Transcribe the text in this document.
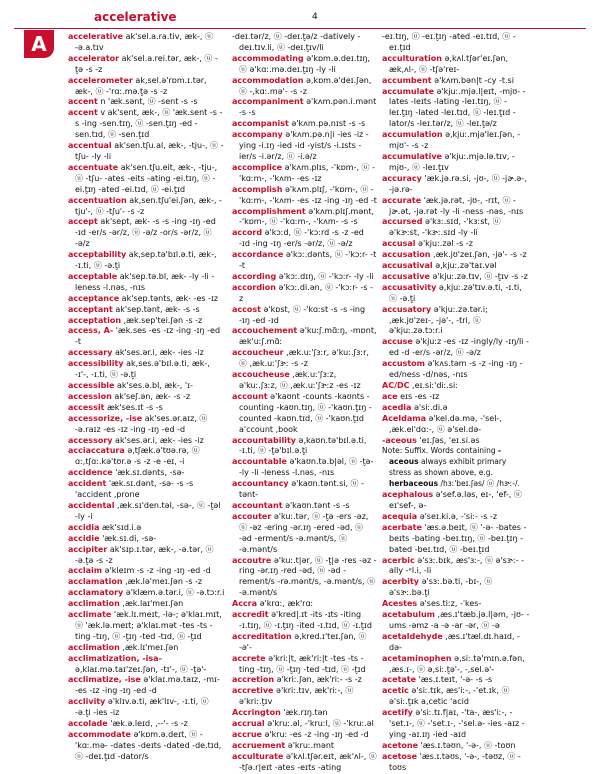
accelerative	4
A	accelerative ak'sel.a.ra.tiv, æk-, ⓤ -ə.a.tɪv

accelerator ak'sel.a.rei.tər, æk-, ⓤ -t̬ə -s -z

accelerometer ak,sel.ə'rɒm.ɪ.tər, æk-, ⓤ -'rɑː.mə.t̬ə -s -z

accent n 'æk.sənt, ⓤ -sent -s -s

accent v ak'sent, æk-, ⓤ 'æk.sent -s -s -ing -sen.tɪŋ, ⓤ -sen.t̬ɪŋ -ed -sen.tɪd, ⓤ -sen.t̬ɪd

accentual ak'sen.tʃu.al, æk-, -tju-, ⓤ -tʃu- -ly -li

accentuate ak'sen.tʃu.eit, æk-, -tju-, ⓤ -tʃu- -ates -eits -ating -ei.tɪŋ, ⓤ -ei.t̬ɪŋ -ated -ei.tɪd, ⓤ -ei.t̬ɪd

accentuation ak,sen.tʃu'ei.ʃən, æk-, -tju'-, ⓤ -tʃu'- -s -z

accept ak'sept, æk- -s -s -ing -ɪŋ -ed -ɪd -er/s -ər/z, ⓤ -ə/z -or/s -ər/z, ⓤ -ə/z

acceptability ak,sep.tə'bɪl.ə.ti, æk-, -ɪ.ti, ⓤ -ə.t̬i

acceptable ak'sep.tə.bl, æk- -ly -li -leness -l.nəs, -nɪs

acceptance ak'sep.tənts, æk- -es -ɪz

acceptant ak'sep.tənt, æk- -s -s

acceptation ,æk.sep'tei.ʃən -s -z

access, A- 'æk.ses -es -ɪz -ing -ɪŋ -ed -t

accessary ak'ses.ər.i, æk- -ies -iz

accessibility ak,ses.ə'bɪl.ə.ti, æk-, -ɪ'-, -ɪ.ti, ⓤ -ə.t̬i

accessible ak'ses.ə.bl, æk-, 'ɪ-

accession ak'seʃ.ən, æk- -s -z

accessit æk'ses.ɪt -s -s

accessorize, -ise ak'ses.ər.aɪz, ⓤ -ə.raɪz -es -ɪz -ing -ɪŋ -ed -d

accessory ak'ses.ər.i, æk- -ies -iz

acciaccatura ə,tʃæk.ə'tʊə.rə, ⓤ ɑː,tʃɑː.kə'tʊr.ə -s -z -e -eɪ, -i

accidence 'æk.sɪ.dənts, -sə-

accident 'æk.sɪ.dənt, -sə- -s -s 'accident ,prone

accidental ,æk.sɪ'den.təl, -sə-, ⓤ -t̬əl -ly -i

accidia æk'sɪd.i.ə

accidie 'æk.sɪ.di, -sə-

accipiter ak'sɪp.ɪ.tər, æk-, -ə.tər, ⓤ -ə.t̬ə -s -z

acclaim ə'kleɪm -s -z -ing -ɪŋ -ed -d

acclamation ,æk.lə'meɪ.ʃən -s -z

acclamatory ə'klæm.ə.tər.i, ⓤ -ə.tɔːr.i

acclimation ,æk.laɪ'meɪ.ʃən

acclimate 'æk.lɪ.meɪt, -lə-; ə'klaɪ.mɪt, ⓤ 'æk.lə.meɪt; ə'klaɪ.mət -tes -ts -ting -tɪŋ, ⓤ -t̬ɪŋ -ted -tɪd, ⓤ -t̬ɪd

acclimation ,æk.lɪ'meɪ.ʃən

acclimatization, -isa- ə,klaɪ.mə.taɪ'zeɪ.ʃən, -tɪ'-, ⓤ -t̬ə'-

acclimatize, -ise ə'klaɪ.mə.taɪz, -mɪ- -es -ɪz -ing -ɪŋ -ed -d

acclivity ə'klɪv.ə.ti, æk'lɪv-, -ɪ.ti, ⓤ -ə.t̬i -ies -iz

accolade 'æk.ə.leɪd, ,--'- -s -z

accommodate ə'kɒm.ə.deɪt, ⓤ -'kɑː.mə- -dates -deɪts -dated -de.tɪd, ⓤ -deɪ.t̬ɪd -dator/s

-deɪ.tər/z, ⓤ -deɪ.t̬ə/z -datively -deɪ.tɪv.li, ⓤ -deɪ.t̬ɪv/li

accommodating ə'kɒm.ə.deɪ.tɪŋ, ⓤ ə'kɑː.mə.deɪ.t̬ɪŋ -ly -li

accommodation ə,kɒm.ə'deɪ.ʃən, ⓤ -,kɑː.mə'- -s -z

accompaniment ə'kʌm.pən.i.mənt -s -s

accompanist ə'kʌm.pə.nɪst -s -s

accompany ə'kʌm.pə.n|i -ies -iz -ying -i.ɪŋ -ied -id -yist/s -i.ɪsts -ier/s -i.ər/z, ⓤ -i.ə/z

accomplice ə'kʌm.plɪs, -'kɒm-, ⓤ -'kɑːm-, -'kʌm- -es -ɪz

accomplish ə'kʌm.plɪʃ, -'kɒm-, ⓤ -'kɑːm-, -'kʌm- -es -ɪz -ing -ɪŋ -ed -t

accomplishment ə'kʌm.plɪʃ.mənt, -'kɒm-, ⓤ -'kɑːm-, -'kʌm- -s -s

accord ə'kɔːd, ⓤ -'kɔːrd -s -z -ed -ɪd -ing -ɪŋ -er/s -ər/z, ⓤ -ə/z

accordance ə'kɔː.dənts, ⓤ -'kɔːr- -t -t

according ə'kɔː.dɪŋ, ⓤ -'kɔːr- -ly -li

accordion ə'kɔː.di.ən, ⓤ -'kɔːr- -s -z

accost ə'kɒst, ⓤ -'kɑːst -s -s -ing -ɪŋ -ed -ɪd

accouchement ə'kuːʃ.mɑ̃ːŋ, -mɒnt, æk'uːʃ.mɑ̃ː

accoucheur ,æk.uː'ʃɜːr, ə'kuː.ʃɜːr, ⓤ ,æk.uː'ʃɝː -s -z

accoucheuse ,æk.uː'ʃɜːz, ə'kuː.ʃɜːz, ⓤ ,æk.uː'ʃɝːz -es -ɪz

account ə'kaʊnt -counts -kaʊnts -counting -kaʊn.tɪŋ, ⓤ -'kaʊn.t̬ɪŋ -counted -kaʊn.tɪd, ⓤ -'kaʊn.t̬ɪd a'ccount ,book

accountability ə,kaʊn.tə'bɪl.ə.ti, -ɪ.ti, ⓤ -t̬ə'bɪl.ə.t̬i

accountable ə'kaʊn.tə.b|əl, ⓤ -t̬ə- -ly -li -leness -l.nəs, -nɪs

accountancy ə'kaʊn.tənt.si, ⓤ -tənt-

accountant ə'kaʊn.tənt -s -s

accouter ə'kuː.tər, ⓤ -t̬ə -ers -əz, ⓤ -əz -ering -ər.ɪŋ -ered -əd, ⓤ -əd -erment/s -ə.mənt/s, ⓤ -ə.mənt/s

accoutre ə'kuː.t|ər, ⓤ -t̬|ə -res -əz -ring -ər.ɪŋ -red -əd, ⓤ -əd -rement/s -rə.mənt/s, -ə.mənt/s, ⓤ -ə.mənt/s

Accra ə'krɑː, æk'rɑː

accredit ə'kred|.ɪt -its -ɪts -iting -ɪ.tɪŋ, ⓤ -ɪ.t̬ɪŋ -ited -ɪ.tɪd, ⓤ -ɪ.t̬ɪd

accreditation ə,kred.ɪ'teɪ.ʃən, ⓤ -ə'-

accrete ə'kriː|t, æk'riː|t -tes -ts -ting -tɪŋ, ⓤ -t̬ɪŋ -ted -tɪd, ⓤ -t̬ɪd

accretion ə'kriː.ʃən, æk'riː- -s -z

accretive ə'kriː.tɪv, æk'riː-, ⓤ ə'kriː.t̬ɪv

Accrington 'æk.rɪŋ.tən

accrual ə'kruː.əl, -'kruːl, ⓤ -'kruː.əl

accrue ə'kruː -es -z -ing -ɪŋ -ed -d

accruement ə'kruː.mənt

acculturate ə'kʌl.tʃər.eɪt, æk'ʌl-, ⓤ -tʃə.r|eɪt -ates -eɪts -ating

-eɪ.tɪŋ, ⓤ -eɪ.t̬ɪŋ -ated -eɪ.tɪd, ⓤ -eɪ.t̬ɪd

acculturation ə,kʌl.tʃər'eɪ.ʃən, æk,ʌl-, ⓤ -tʃə'reɪ-

accumbent ə'kʌm.bən|t -cy -t.si

accumulate ə'kjuː.mjə.l|eɪt, -mjʊ- -lates -leɪts -lating -leɪ.tɪŋ, ⓤ -leɪ.t̬ɪŋ -lated -leɪ.tɪd, ⓤ -leɪ.t̬ɪd -lator/s -leɪ.tər/z, ⓤ -leɪ.t̬ə/z

accumulation ə,kjuː.mjə'leɪ.ʃən, -mjʊ'- -s -z

accumulative ə'kjuː.mjə.lə.tɪv, -mjʊ-, ⓤ -leɪ.t̬ɪv

accuracy 'æk.jə.rə.si, -jʊ-, ⓤ -jɚ.ə-, -jə.rə-

accurate 'æk.jə.rət, -jʊ-, -rɪt, ⓤ -jɚ.ət, -jə.rət -ly -li -ness -nəs, -nɪs

accursed ə'kɜː.sɪd, -'kɜːst, ⓤ ə'kɝːst, -'kɝː.sɪd -ly -li

accusal ə'kjuː.zəl -s -z

accusation ,æk.jʊ'zeɪ.ʃən, -jə'- -s -z

accusatival ə,kjuː.zə'taɪ.vəl

accusative ə'kjuː.zə.tɪv, ⓤ -t̬ɪv -s -z

accusativity ə,kjuː.zə'tɪv.ə.ti, -ɪ.ti, ⓤ -ə.t̬i

accusatory ə'kjuː.zə.tər.i; ,æk.jʊ'zeɪ-, -jə'-, -tri, ⓤ ə'kjuː.zə.tɔːr.i

accuse ə'kjuːz -es -ɪz -ingly/ly -ɪŋ/li -ed -d -er/s -ər/z, ⓤ -ə/z

accustom ə'kʌs.təm -s -z -ing -ɪŋ -ed/ness -d/nəs, -nɪs

AC/DC ,eɪ.siː'diː.siː

ace eɪs -es -ɪz

acedia ə'siː.di.ə

Aceldama ə'kel.də.mə, -'sel-, ,æk.el'dɑː-, ⓤ ə'sel.də-

-aceous 'eɪ.ʃəs, 'eɪ.si.əs

Note: Suffix. Words containing -aceous always exhibit primary stress as shown above, e.g. herbaceous /hɜː'beɪ.ʃəs/ ⓤ /hɝː-/.

acephalous ə'sef.ə.ləs, eɪ-, 'ef-, ⓤ eɪ'sef-, ə-

acequia ə'seɪ.ki.ə, -'siː- -s -z

acerbate 'æs.ə.beɪt, ⓤ '-ə- -bates -beɪts -bating -beɪ.tɪŋ, ⓤ -beɪ.t̬ɪŋ -bated -beɪ.tɪd, ⓤ -beɪ.t̬ɪd

acerbic ə'sɜː.bɪk, æs'ɜː-, ⓤ ə'sɝː- -ally -ᵊl.i, -li

acerbity ə'sɜː.bə.ti, -bɪ-, ⓤ ə'sɝː.bə.t̬i

Acestes ə'ses.tiːz, -ˈkes-

acetabulum ,æs.ɪ'tæb.jə.l|əm, -jʊ- -ums -əmz -a -ə -ar -ər, ⓤ -ə

acetaldehyde ,æs.ɪ'tæl.dɪ.haɪd, -də-

acetaminophen ə,siː.tə'mɪn.ə.fən, ,æs.ɪ-, ⓤ ə,siː.t̬ə'-, -,sel.ə'-

acetate 'æs.ɪ.teɪt, '-ə- -s -s

acetic ə'siː.tɪk, æs'iː-, -'et.ɪk, ⓤ ə'siː.t̬ɪk a,cetic 'acid

acetify ə'siː.tɪ.f|aɪ, -'ta-, æs'iː-, -'set.ɪ-, ⓤ -'set.ɪ-, -'sel.ə- -ies -aɪz -ying -aɪ.ɪŋ -ied -aɪd

acetone 'æs.ɪ.təʊn, '-ə-, ⓤ -toʊn

acetose 'æs.ɪ.təʊs, '-ə-, -təʊz, ⓤ -toʊs
